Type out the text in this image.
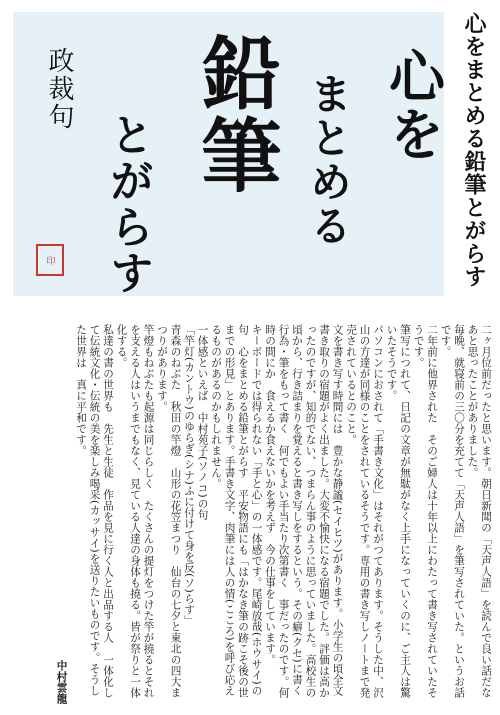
心を
まとめる
鉛筆
とがらす
政裁句
印	心をまとめる鉛筆とがらす

二ヶ月位前だったと思います。朝日新聞の「天声人語」を読んで良い話だなあと思ったことがありました。

毎晩、就寝前の三〇分を充てて「天声人語」を筆写されていた。というお話です。

二年前に他界された　そのご婦人は十年以上にわたって書き写されていたそうです。

筆写につれて、日記の文章が無駄がなく上手になっていくのに、ご主人は驚いたそうです。

パソコンにおされて「手書き文化」はそれがつてあります。そうした中、沢山の方達が同様のことをされているそうです。専用の書き写しノートまで発売されているとのこと。

文を書き写す時間には　豊かな静謐(セイヒツ)があります。小学生の頃全文書き取りの宿題がよく出ました。大変不愉快になる宿題でした。評価は高かったのですが、知的でない、つまらん事のように思っていました。高校生の頃から、行き詰まりを覚えると書き写しをするという。その癖(クセ)に書く行為・筆をもって書く　何でもよい手当たり次第書く　事だったのです。何時の間にか　食えるか食えないかを考えず　今の仕事をしています。

キーボードでは得られない「手と心」の一体感です。尾崎放哉(ホウサイ)の句　心をまとめる鉛筆とがらす　平安物語にも「はかなき筆の跡こそ後の世までの形見」とあります。手書き文字、肉筆には人の情(こころ)を呼び応えるものがあるのかもしれません。

一体感といえば　中村苑子(ソノコ)の句

「竿灯(カントウ)のゆらぎ(シナ)ふに付けて身を反(ソ)らす」

青森のねぶた　秋田の竿燈　山形の花笠まつり　仙台の七夕と東北の四大まつりがあります。

竿燈もねぶたも起源は同じらしく　たくさんの提灯をつけた竿が撓るとそれを支える人はいうまでもなく、見ている人達の身体も撓る。皆が祭りと一体化する。

私達の書の世界も　先生と生徒　作品を見に行く人と出品する人　一体化して伝統文化・伝統の美を楽しみ喝采(カッサイ)を送りたいものです。そうした世界は　真に平和です。

中村雲龍
